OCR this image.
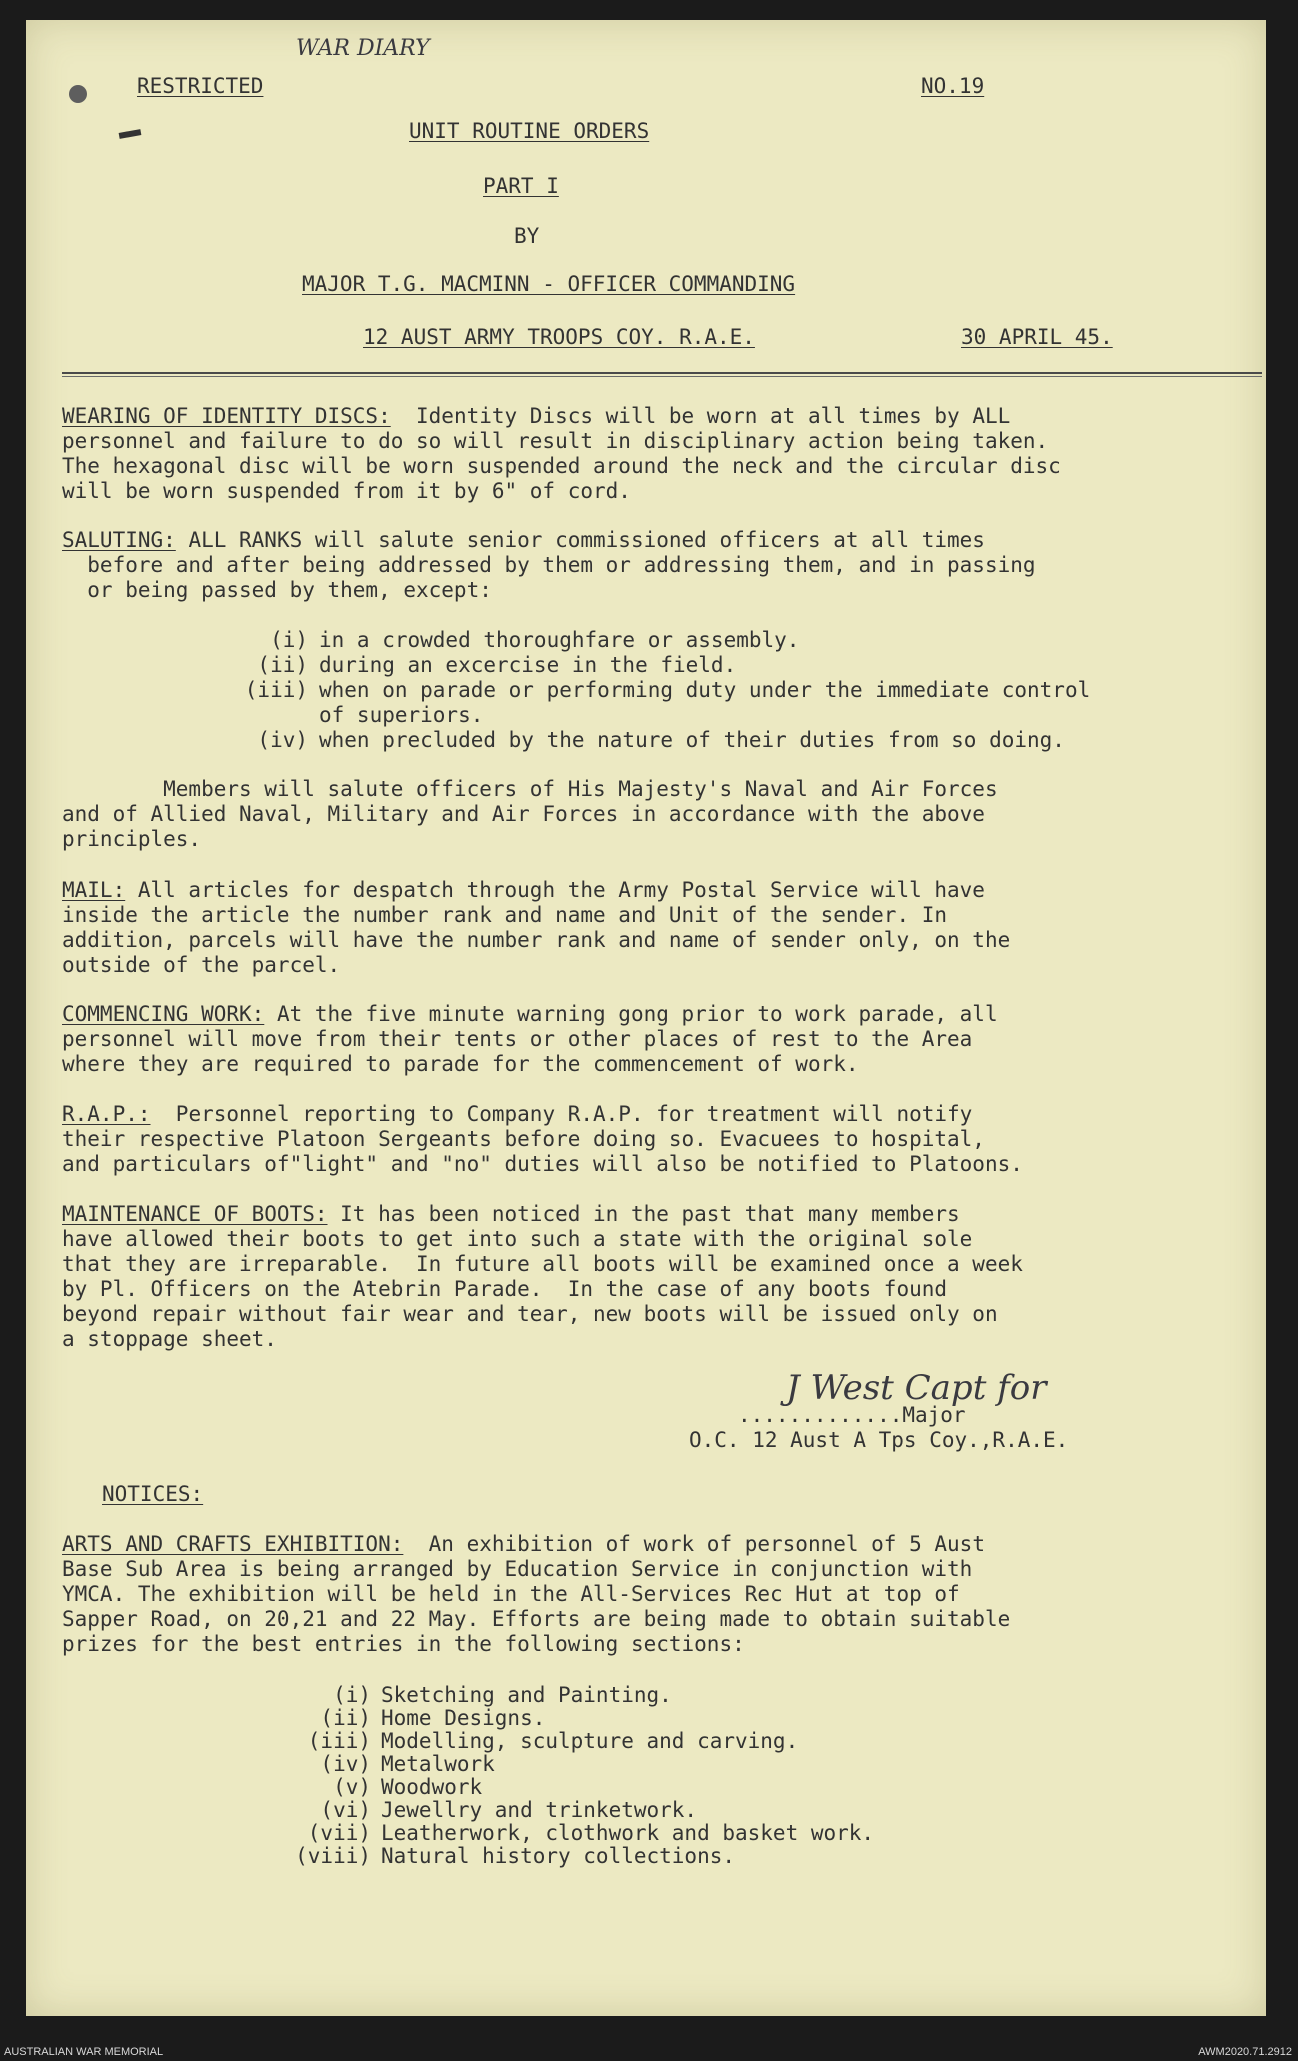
WAR DIARY
RESTRICTED	NO.19
UNIT ROUTINE ORDERS
PART I
BY
MAJOR T.G. MACMINN - OFFICER COMMANDING
12 AUST ARMY TROOPS COY. R.A.E.	30 APRIL 45.
WEARING OF IDENTITY DISCS:  Identity Discs will be worn at all times by ALL
personnel and failure to do so will result in disciplinary action being taken.
The hexagonal disc will be worn suspended around the neck and the circular disc
will be worn suspended from it by 6" of cord.
SALUTING: ALL RANKS will salute senior commissioned officers at all times
before and after being addressed by them or addressing them, and in passing
or being passed by them, except:
(i) in a crowded thoroughfare or assembly.
(ii) during an excercise in the field.
(iii) when on parade or performing duty under the immediate control
of superiors.
(iv) when precluded by the nature of their duties from so doing.
Members will salute officers of His Majesty's Naval and Air Forces
and of Allied Naval, Military and Air Forces in accordance with the above
principles.
MAIL: All articles for despatch through the Army Postal Service will have
inside the article the number rank and name and Unit of the sender. In
addition, parcels will have the number rank and name of sender only, on the
outside of the parcel.
COMMENCING WORK: At the five minute warning gong prior to work parade, all
personnel will move from their tents or other places of rest to the Area
where they are required to parade for the commencement of work.
R.A.P.:  Personnel reporting to Company R.A.P. for treatment will notify
their respective Platoon Sergeants before doing so. Evacuees to hospital,
and particulars of"light" and "no" duties will also be notified to Platoons.
MAINTENANCE OF BOOTS: It has been noticed in the past that many members
have allowed their boots to get into such a state with the original sole
that they are irreparable.  In future all boots will be examined once a week
by Pl. Officers on the Atebrin Parade.  In the case of any boots found
beyond repair without fair wear and tear, new boots will be issued only on
a stoppage sheet.
J West Capt for
.............Major
O.C. 12 Aust A Tps Coy.,R.A.E.
NOTICES:
ARTS AND CRAFTS EXHIBITION:  An exhibition of work of personnel of 5 Aust
Base Sub Area is being arranged by Education Service in conjunction with
YMCA. The exhibition will be held in the All-Services Rec Hut at top of
Sapper Road, on 20,21 and 22 May. Efforts are being made to obtain suitable
prizes for the best entries in the following sections:
(i) Sketching and Painting.
(ii) Home Designs.
(iii) Modelling, sculpture and carving.
(iv) Metalwork
(v) Woodwork
(vi) Jewellry and trinketwork.
(vii) Leatherwork, clothwork and basket work.
(viii) Natural history collections.
AUSTRALIAN WAR MEMORIAL	AWM2020.71.2912
